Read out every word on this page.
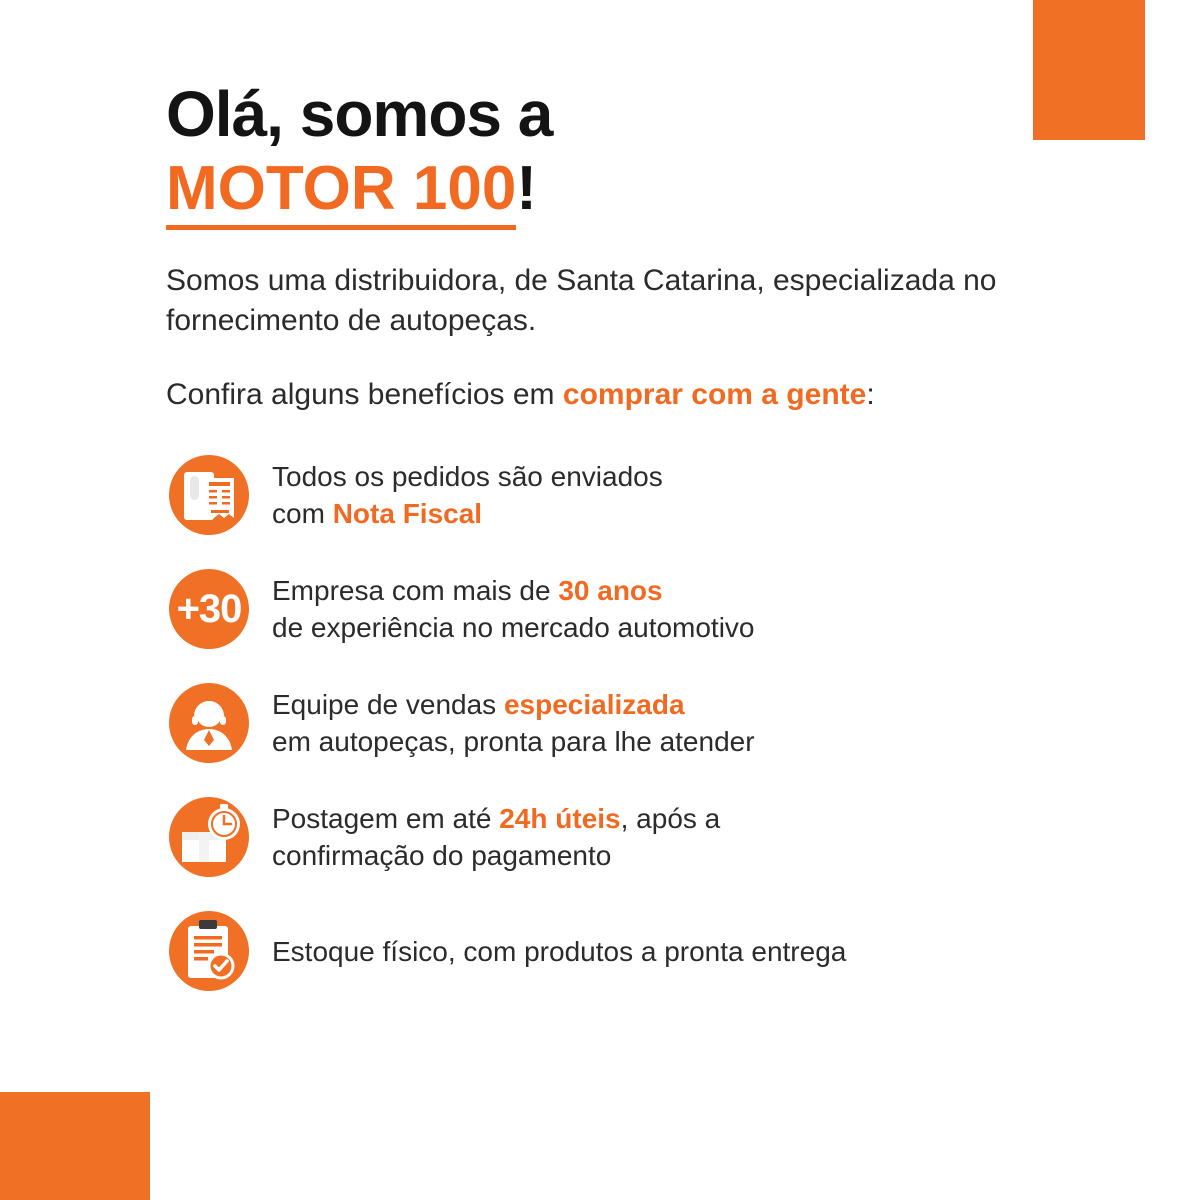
Olá, somos a
MOTOR 100!

Somos uma distribuidora, de Santa Catarina, especializada no fornecimento de autopeças.

Confira alguns benefícios em comprar com a gente:

Todos os pedidos são enviados
com Nota Fiscal
+30	Empresa com mais de 30 anos
de experiência no mercado automotivo
Equipe de vendas especializada
em autopeças, pronta para lhe atender
Postagem em até 24h úteis, após a
confirmação do pagamento
Estoque físico, com produtos a pronta entrega
